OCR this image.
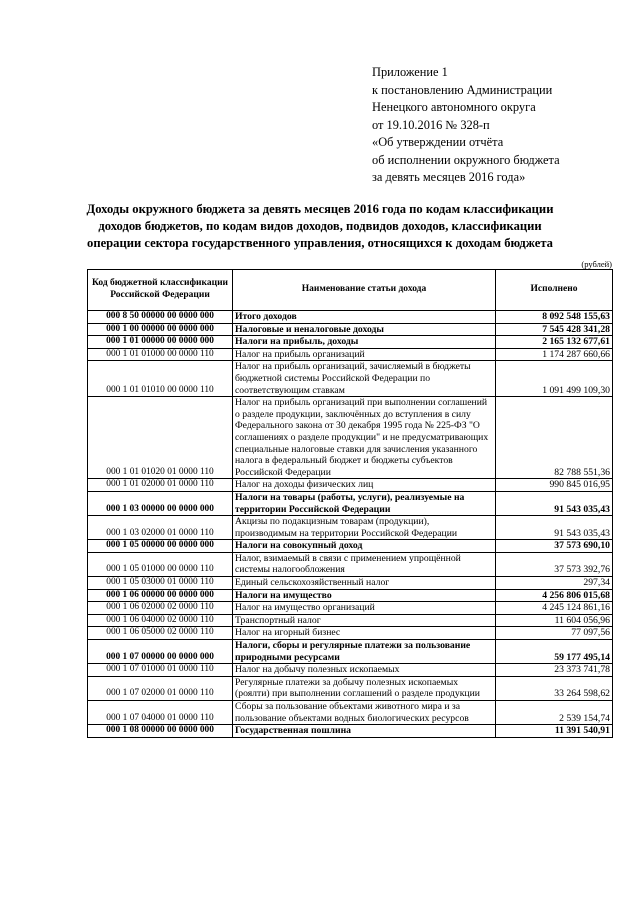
Приложение 1
к постановлению Администрации
Ненецкого автономного округа
от 19.10.2016 № 328-п
«Об утверждении отчёта
об исполнении окружного бюджета
за девять месяцев 2016 года»
Доходы окружного бюджета за девять месяцев 2016 года по кодам классификации доходов бюджетов, по кодам видов доходов, подвидов доходов, классификации операции сектора государственного управления, относящихся к доходам бюджета
(рублей)
Код бюджетной классификации Российской Федерации	Наименование статьи дохода	Исполнено
000 8 50 00000 00 0000 000	Итого доходов	8 092 548 155,63
000 1 00 00000 00 0000 000	Налоговые и неналоговые доходы	7 545 428 341,28
000 1 01 00000 00 0000 000	Налоги на прибыль, доходы	2 165 132 677,61
000 1 01 01000 00 0000 110	Налог на прибыль организаций	1 174 287 660,66
000 1 01 01010 00 0000 110	Налог на прибыль организаций, зачисляемый в бюджеты бюджетной системы Российской Федерации по соответствующим ставкам	1 091 499 109,30
000 1 01 01020 01 0000 110	Налог на прибыль организаций при выполнении соглашений о разделе продукции, заключённых до вступления в силу Федерального закона от 30 декабря 1995 года № 225-ФЗ "О соглашениях о разделе продукции" и не предусматривающих специальные налоговые ставки для зачисления указанного налога в федеральный бюджет и бюджеты субъектов Российской Федерации	82 788 551,36
000 1 01 02000 01 0000 110	Налог на доходы физических лиц	990 845 016,95
000 1 03 00000 00 0000 000	Налоги на товары (работы, услуги), реализуемые на территории Российской Федерации	91 543 035,43
000 1 03 02000 01 0000 110	Акцизы по подакцизным товарам (продукции), производимым на территории Российской Федерации	91 543 035,43
000 1 05 00000 00 0000 000	Налоги на совокупный доход	37 573 690,10
000 1 05 01000 00 0000 110	Налог, взимаемый в связи с применением упрощённой системы налогообложения	37 573 392,76
000 1 05 03000 01 0000 110	Единый сельскохозяйственный налог	297,34
000 1 06 00000 00 0000 000	Налоги на имущество	4 256 806 015,68
000 1 06 02000 02 0000 110	Налог на имущество организаций	4 245 124 861,16
000 1 06 04000 02 0000 110	Транспортный налог	11 604 056,96
000 1 06 05000 02 0000 110	Налог на игорный бизнес	77 097,56
000 1 07 00000 00 0000 000	Налоги, сборы и регулярные платежи за пользование природными ресурсами	59 177 495,14
000 1 07 01000 01 0000 110	Налог на добычу полезных ископаемых	23 373 741,78
000 1 07 02000 01 0000 110	Регулярные платежи за добычу полезных ископаемых (роялти) при выполнении соглашений о разделе продукции	33 264 598,62
000 1 07 04000 01 0000 110	Сборы за пользование объектами животного мира и за пользование объектами водных биологических ресурсов	2 539 154,74
000 1 08 00000 00 0000 000	Государственная пошлина	11 391 540,91
